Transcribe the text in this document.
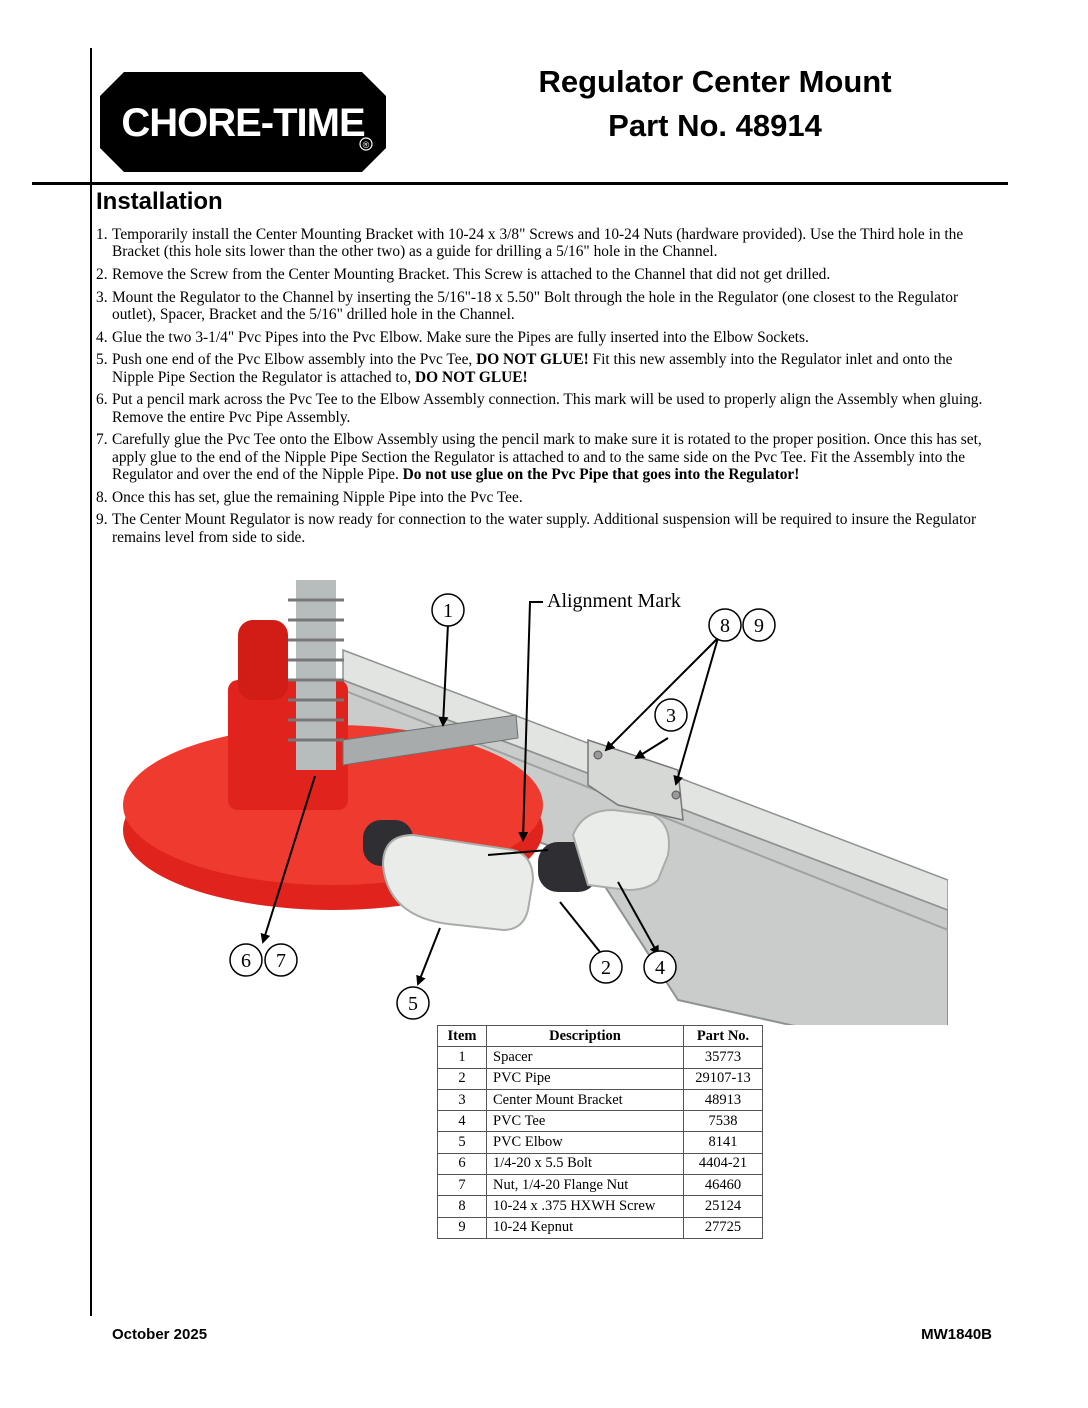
CHORE-TIME
®
Regulator Center Mount
Part No. 48914
Installation
1. Temporarily install the Center Mounting Bracket with 10-24 x 3/8" Screws and 10-24 Nuts (hardware provided). Use the Third hole in the Bracket (this hole sits lower than the other two) as a guide for drilling a 5/16" hole in the Channel.
2. Remove the Screw from the Center Mounting Bracket. This Screw is attached to the Channel that did not get drilled.
3. Mount the Regulator to the Channel by inserting the 5/16"-18 x 5.50" Bolt through the hole in the Regulator (one closest to the Regulator outlet), Spacer, Bracket and the 5/16" drilled hole in the Channel.
4. Glue the two 3-1/4" Pvc Pipes into the Pvc Elbow. Make sure the Pipes are fully inserted into the Elbow Sockets.
5. Push one end of the Pvc Elbow assembly into the Pvc Tee, DO NOT GLUE! Fit this new assembly into the Regulator inlet and onto the Nipple Pipe Section the Regulator is attached to, DO NOT GLUE!
6. Put a pencil mark across the Pvc Tee to the Elbow Assembly connection. This mark will be used to properly align the Assembly when gluing. Remove the entire Pvc Pipe Assembly.
7. Carefully glue the Pvc Tee onto the Elbow Assembly using the pencil mark to make sure it is rotated to the proper position. Once this has set, apply glue to the end of the Nipple Pipe Section the Regulator is attached to and to the same side on the Pvc Tee. Fit the Assembly into the Regulator and over the end of the Nipple Pipe. Do not use glue on the Pvc Pipe that goes into the Regulator!
8. Once this has set, glue the remaining Nipple Pipe into the Pvc Tee.
9. The Center Mount Regulator is now ready for connection to the water supply. Additional suspension will be required to insure the Regulator remains level from side to side.
Alignment Mark
1
8 9
3
6 7	2 4
5
Item	Description	Part No.
1	Spacer	35773
2	PVC Pipe	29107-13
3	Center Mount Bracket	48913
4	PVC Tee	7538
5	PVC Elbow	8141
6	1/4-20 x 5.5 Bolt	4404-21
7	Nut, 1/4-20 Flange Nut	46460
8	10-24 x .375 HXWH Screw	25124
9	10-24 Kepnut	27725
October 2025	MW1840B
